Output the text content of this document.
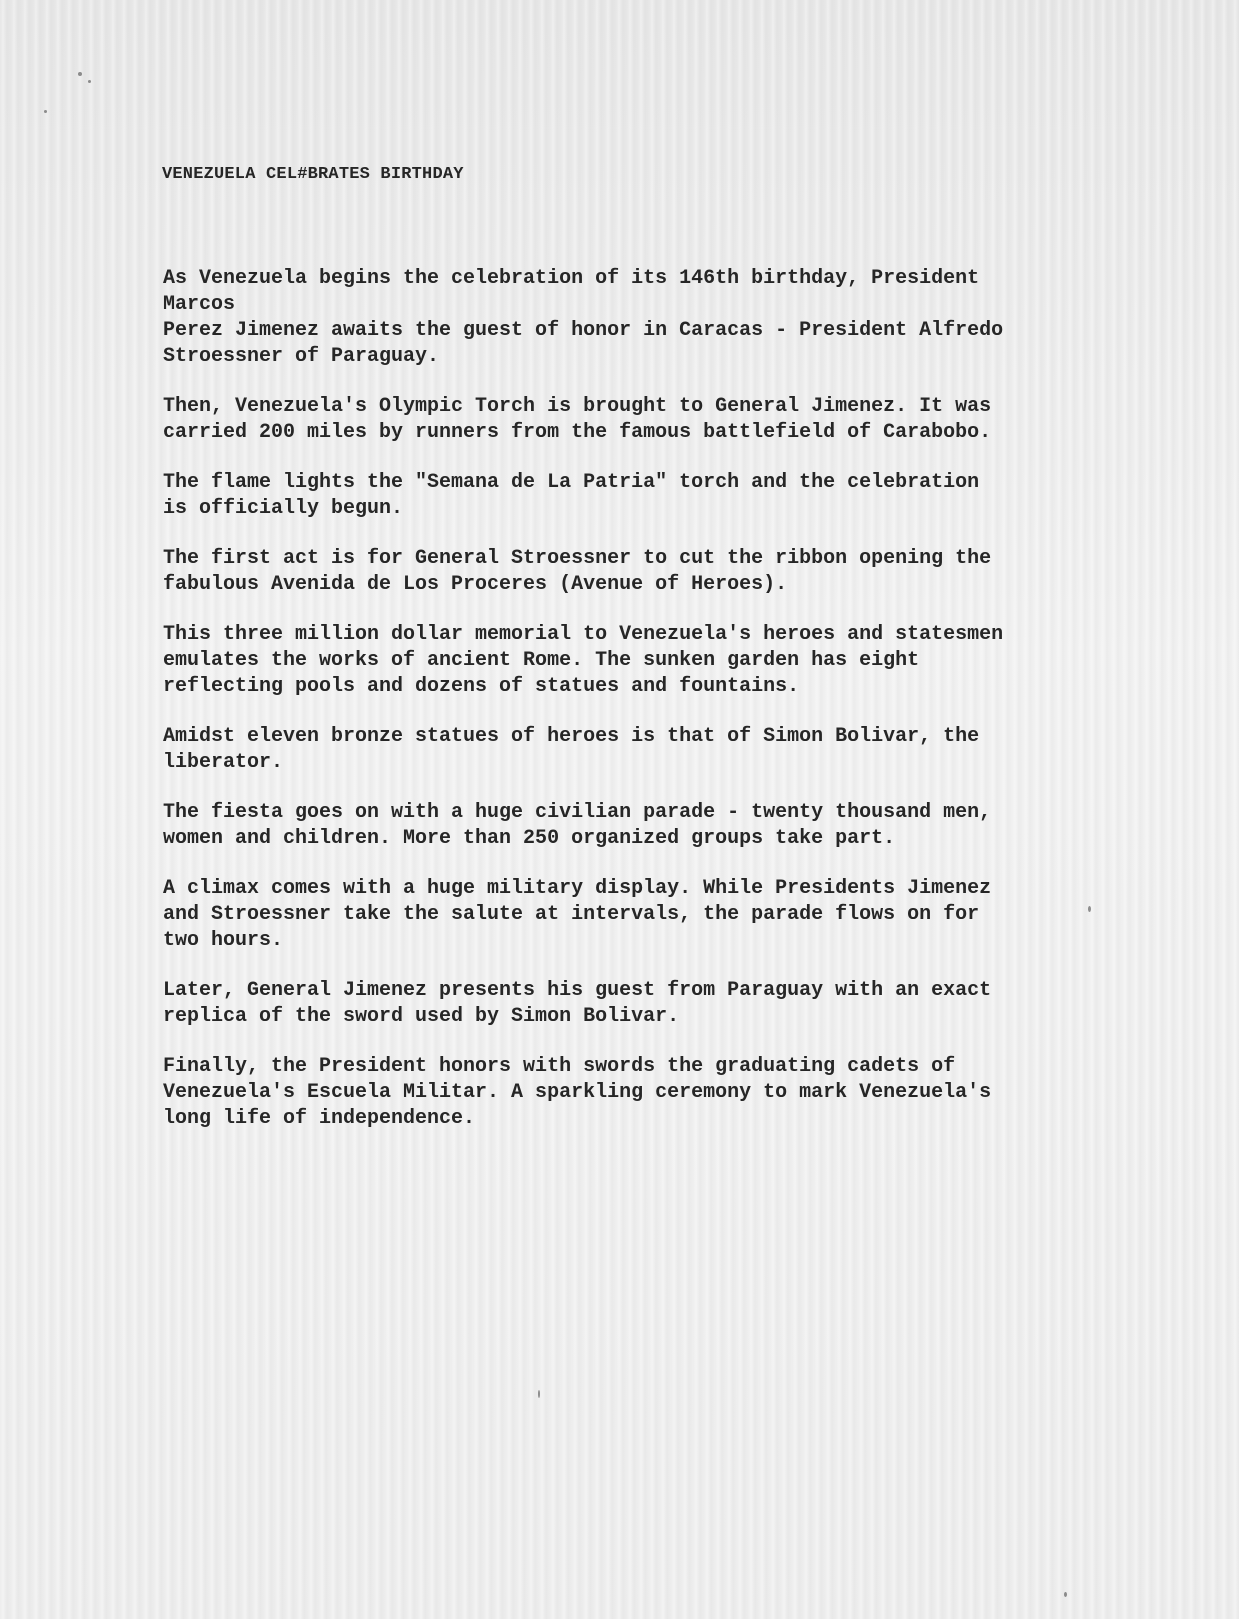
VENEZUELA CEL#BRATES BIRTHDAY

As Venezuela begins the celebration of its 146th birthday, President Marcos
Perez Jimenez awaits the guest of honor in Caracas - President Alfredo
Stroessner of Paraguay.

Then, Venezuela's Olympic Torch is brought to General Jimenez. It was
carried 200 miles by runners from the famous battlefield of Carabobo.

The flame lights the "Semana de La Patria" torch and the celebration
is officially begun.

The first act is for General Stroessner to cut the ribbon opening the
fabulous Avenida de Los Proceres (Avenue of Heroes).

This three million dollar memorial to Venezuela's heroes and statesmen
emulates the works of ancient Rome. The sunken garden has eight
reflecting pools and dozens of statues and fountains.

Amidst eleven bronze statues of heroes is that of Simon Bolivar, the
liberator.

The fiesta goes on with a huge civilian parade - twenty thousand men,
women and children. More than 250 organized groups take part.

A climax comes with a huge military display. While Presidents Jimenez
and Stroessner take the salute at intervals, the parade flows on for
two hours.

Later, General Jimenez presents his guest from Paraguay with an exact
replica of the sword used by Simon Bolivar.

Finally, the President honors with swords the graduating cadets of
Venezuela's Escuela Militar. A sparkling ceremony to mark Venezuela's
long life of independence.
